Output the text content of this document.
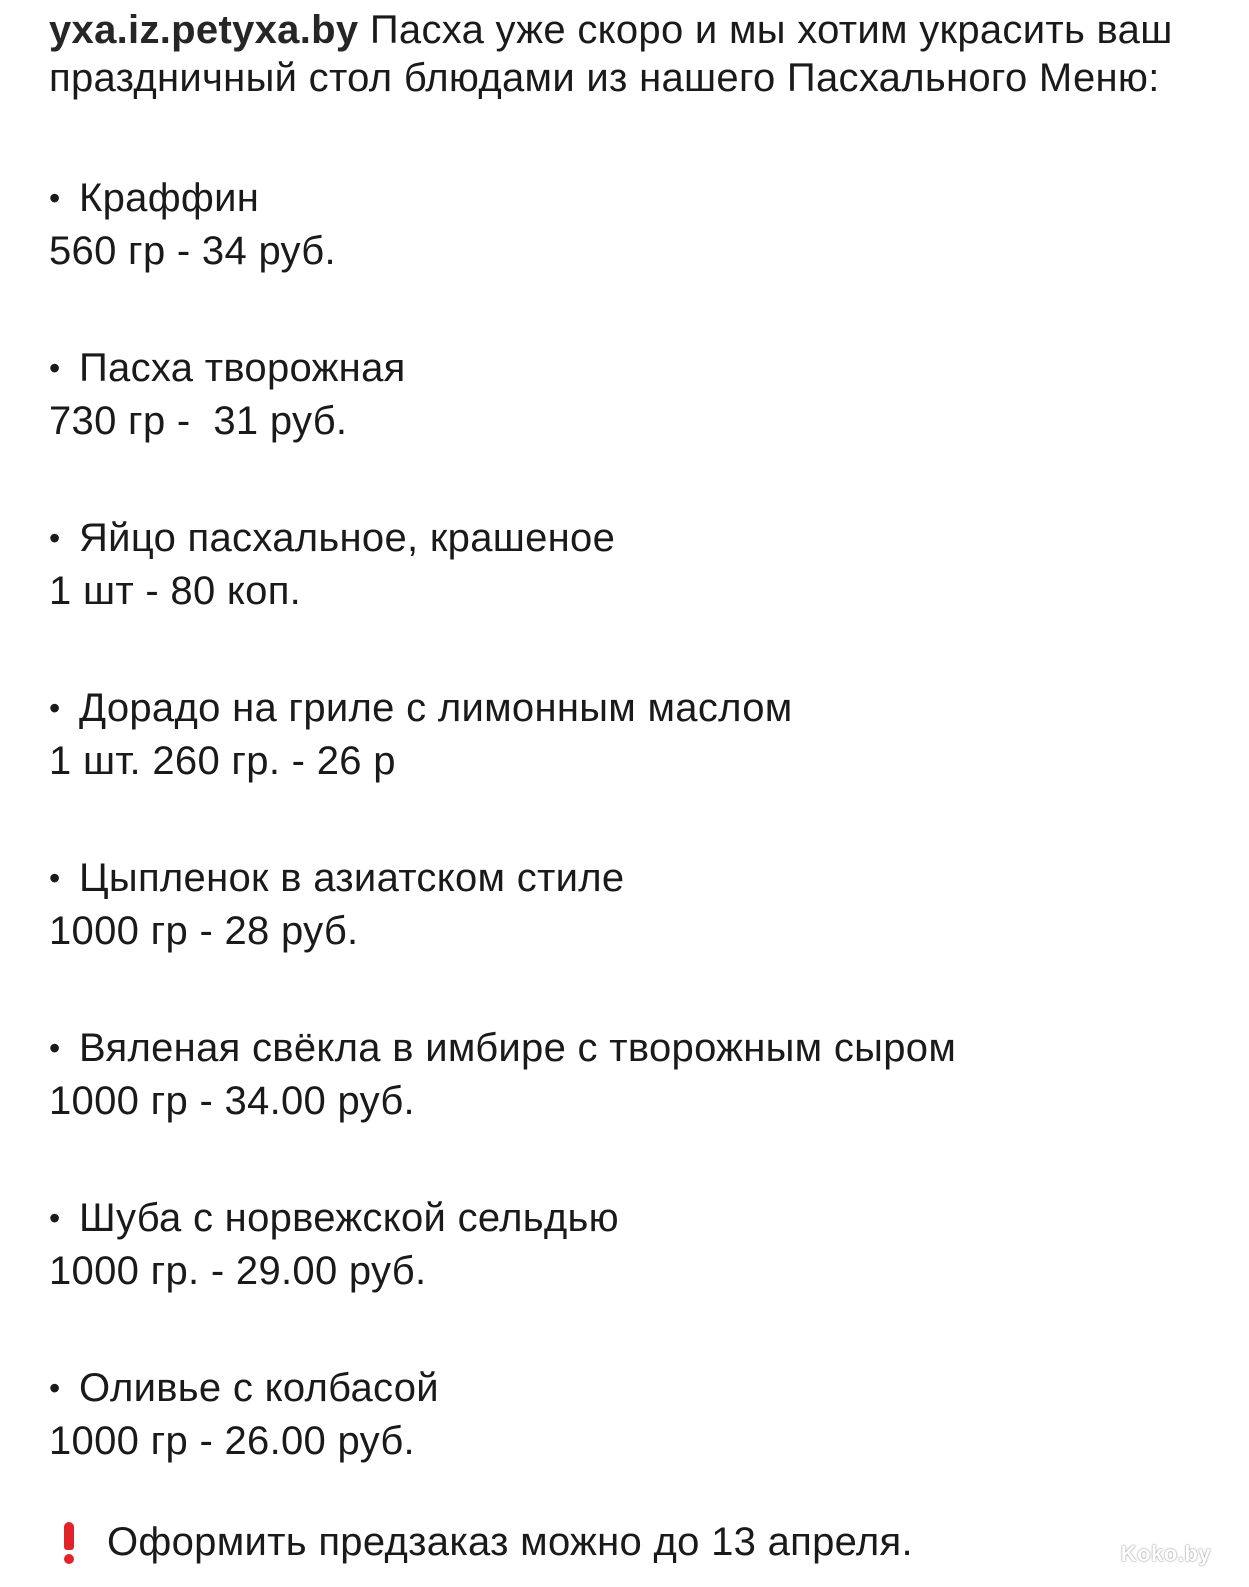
yxa.iz.petyxa.by Пасха уже скоро и мы хотим украсить ваш праздничный стол блюдами из нашего Пасхального Меню:

• Краффин
560 гр - 34 руб.
• Пасха творожная
730 гр -  31 руб.
• Яйцо пасхальное, крашеное
1 шт - 80 коп.
• Дорадо на гриле с лимонным маслом
1 шт. 260 гр. - 26 р
• Цыпленок в азиатском стиле
1000 гр - 28 руб.
• Вяленая свёкла в имбире с творожным сыром
1000 гр - 34.00 руб.
• Шуба с норвежской сельдью
1000 гр. - 29.00 руб.
• Оливье с колбасой
1000 гр - 26.00 руб.
Оформить предзаказ можно до 13 апреля.	Koko.by
